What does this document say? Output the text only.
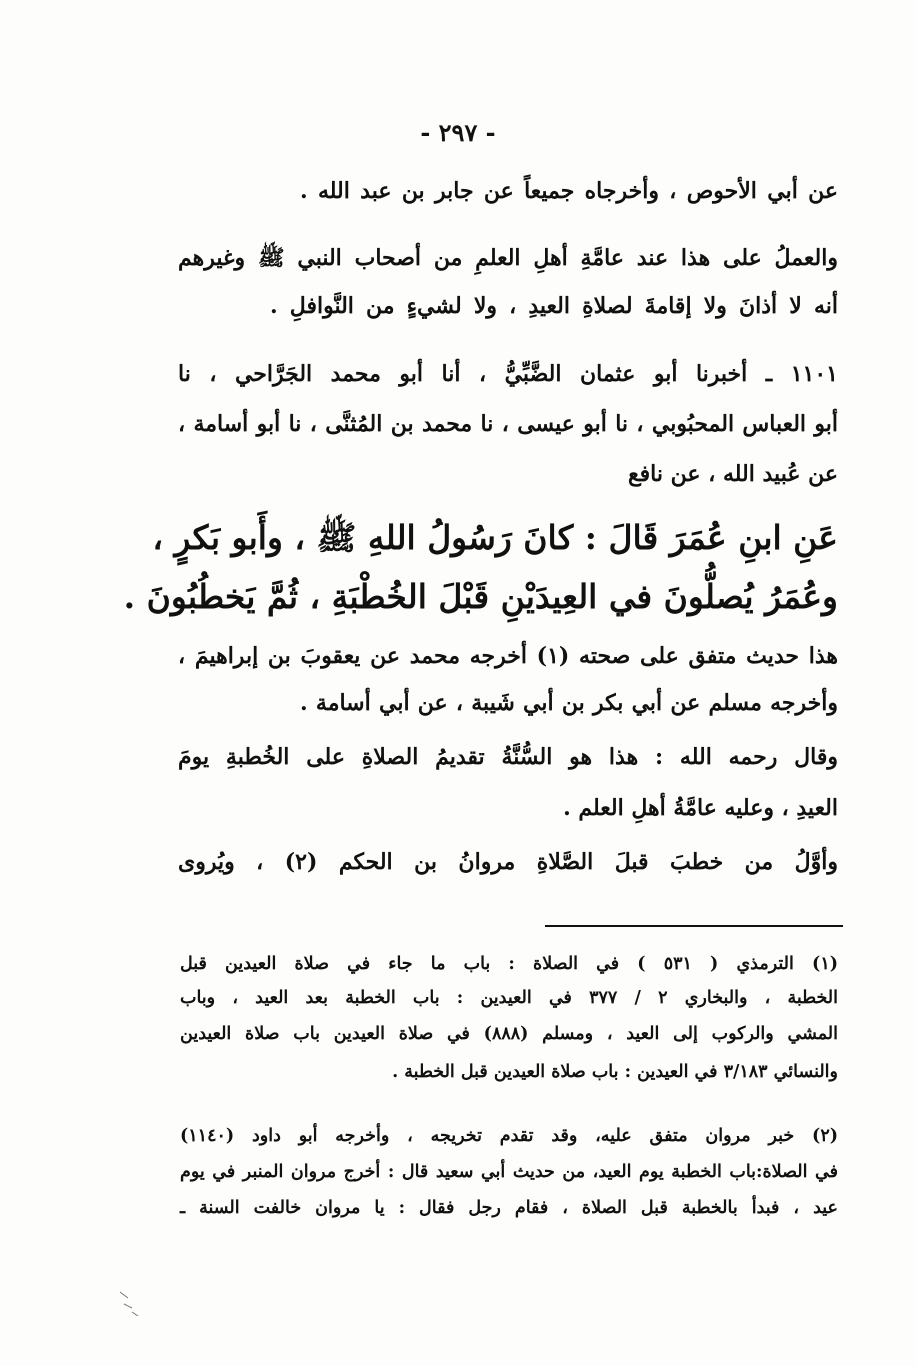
- ٢٩٧ -
عن أبي الأحوص ، وأخرجاه جميعاً عن جابر بن عبد الله .
والعملُ على هذا عند عامَّةِ أهلِ العلمِ من أصحاب النبي ﷺ وغيرهم
أنه لا أذانَ ولا إقامةَ لصلاةِ العيدِ ، ولا لشيءٍ من النَّوافلِ .
١١٠١ ـ أخبرنا أبو عثمان الضَّبِّيُّ ، أنا أبو محمد الجَرَّاحي ، نا
أبو العباس المحبُوبي ، نا أبو عيسى ، نا محمد بن المُثنَّى ، نا أبو أسامة ،
عن عُبيد الله ، عن نافع
عَنِ ابنِ عُمَرَ قَالَ : كانَ رَسُولُ اللهِ ﷺ ، وأَبو بَكرٍ ،
وعُمَرُ يُصلُّونَ في العِيدَيْنِ قَبْلَ الخُطْبَةِ ، ثُمَّ يَخطُبُونَ .
هذا حديث متفق على صحته (١) أخرجه محمد عن يعقوبَ بن إبراهيمَ ،
وأخرجه مسلم عن أبي بكر بن أبي شَيبة ، عن أبي أسامة .
وقال رحمه الله : هذا هو السُّنَّةُ تقديمُ الصلاةِ على الخُطبةِ يومَ
العيدِ ، وعليه عامَّةُ أهلِ العلم .
وأوَّلُ من خطبَ قبلَ الصَّلاةِ مروانُ بن الحكم (٢) ، ويُروى
(١) الترمذي ( ٥٣١ ) في الصلاة : باب ما جاء في صلاة العيدين قبل
الخطبة ، والبخاري ٢ / ٣٧٧ في العيدين : باب الخطبة بعد العيد ، وباب
المشي والركوب إلى العيد ، ومسلم (٨٨٨) في صلاة العيدين باب صلاة العيدين
والنسائي ٣/١٨٣ في العيدين : باب صلاة العيدين قبل الخطبة .
(٢) خبر مروان متفق عليه، وقد تقدم تخريجه ، وأخرجه أبو داود (١١٤٠)
في الصلاة:باب الخطبة يوم العيد، من حديث أبي سعيد قال : أخرج مروان المنبر في يوم
عيد ، فبدأ بالخطبة قبل الصلاة ، فقام رجل فقال : يا مروان خالفت السنة ـ
